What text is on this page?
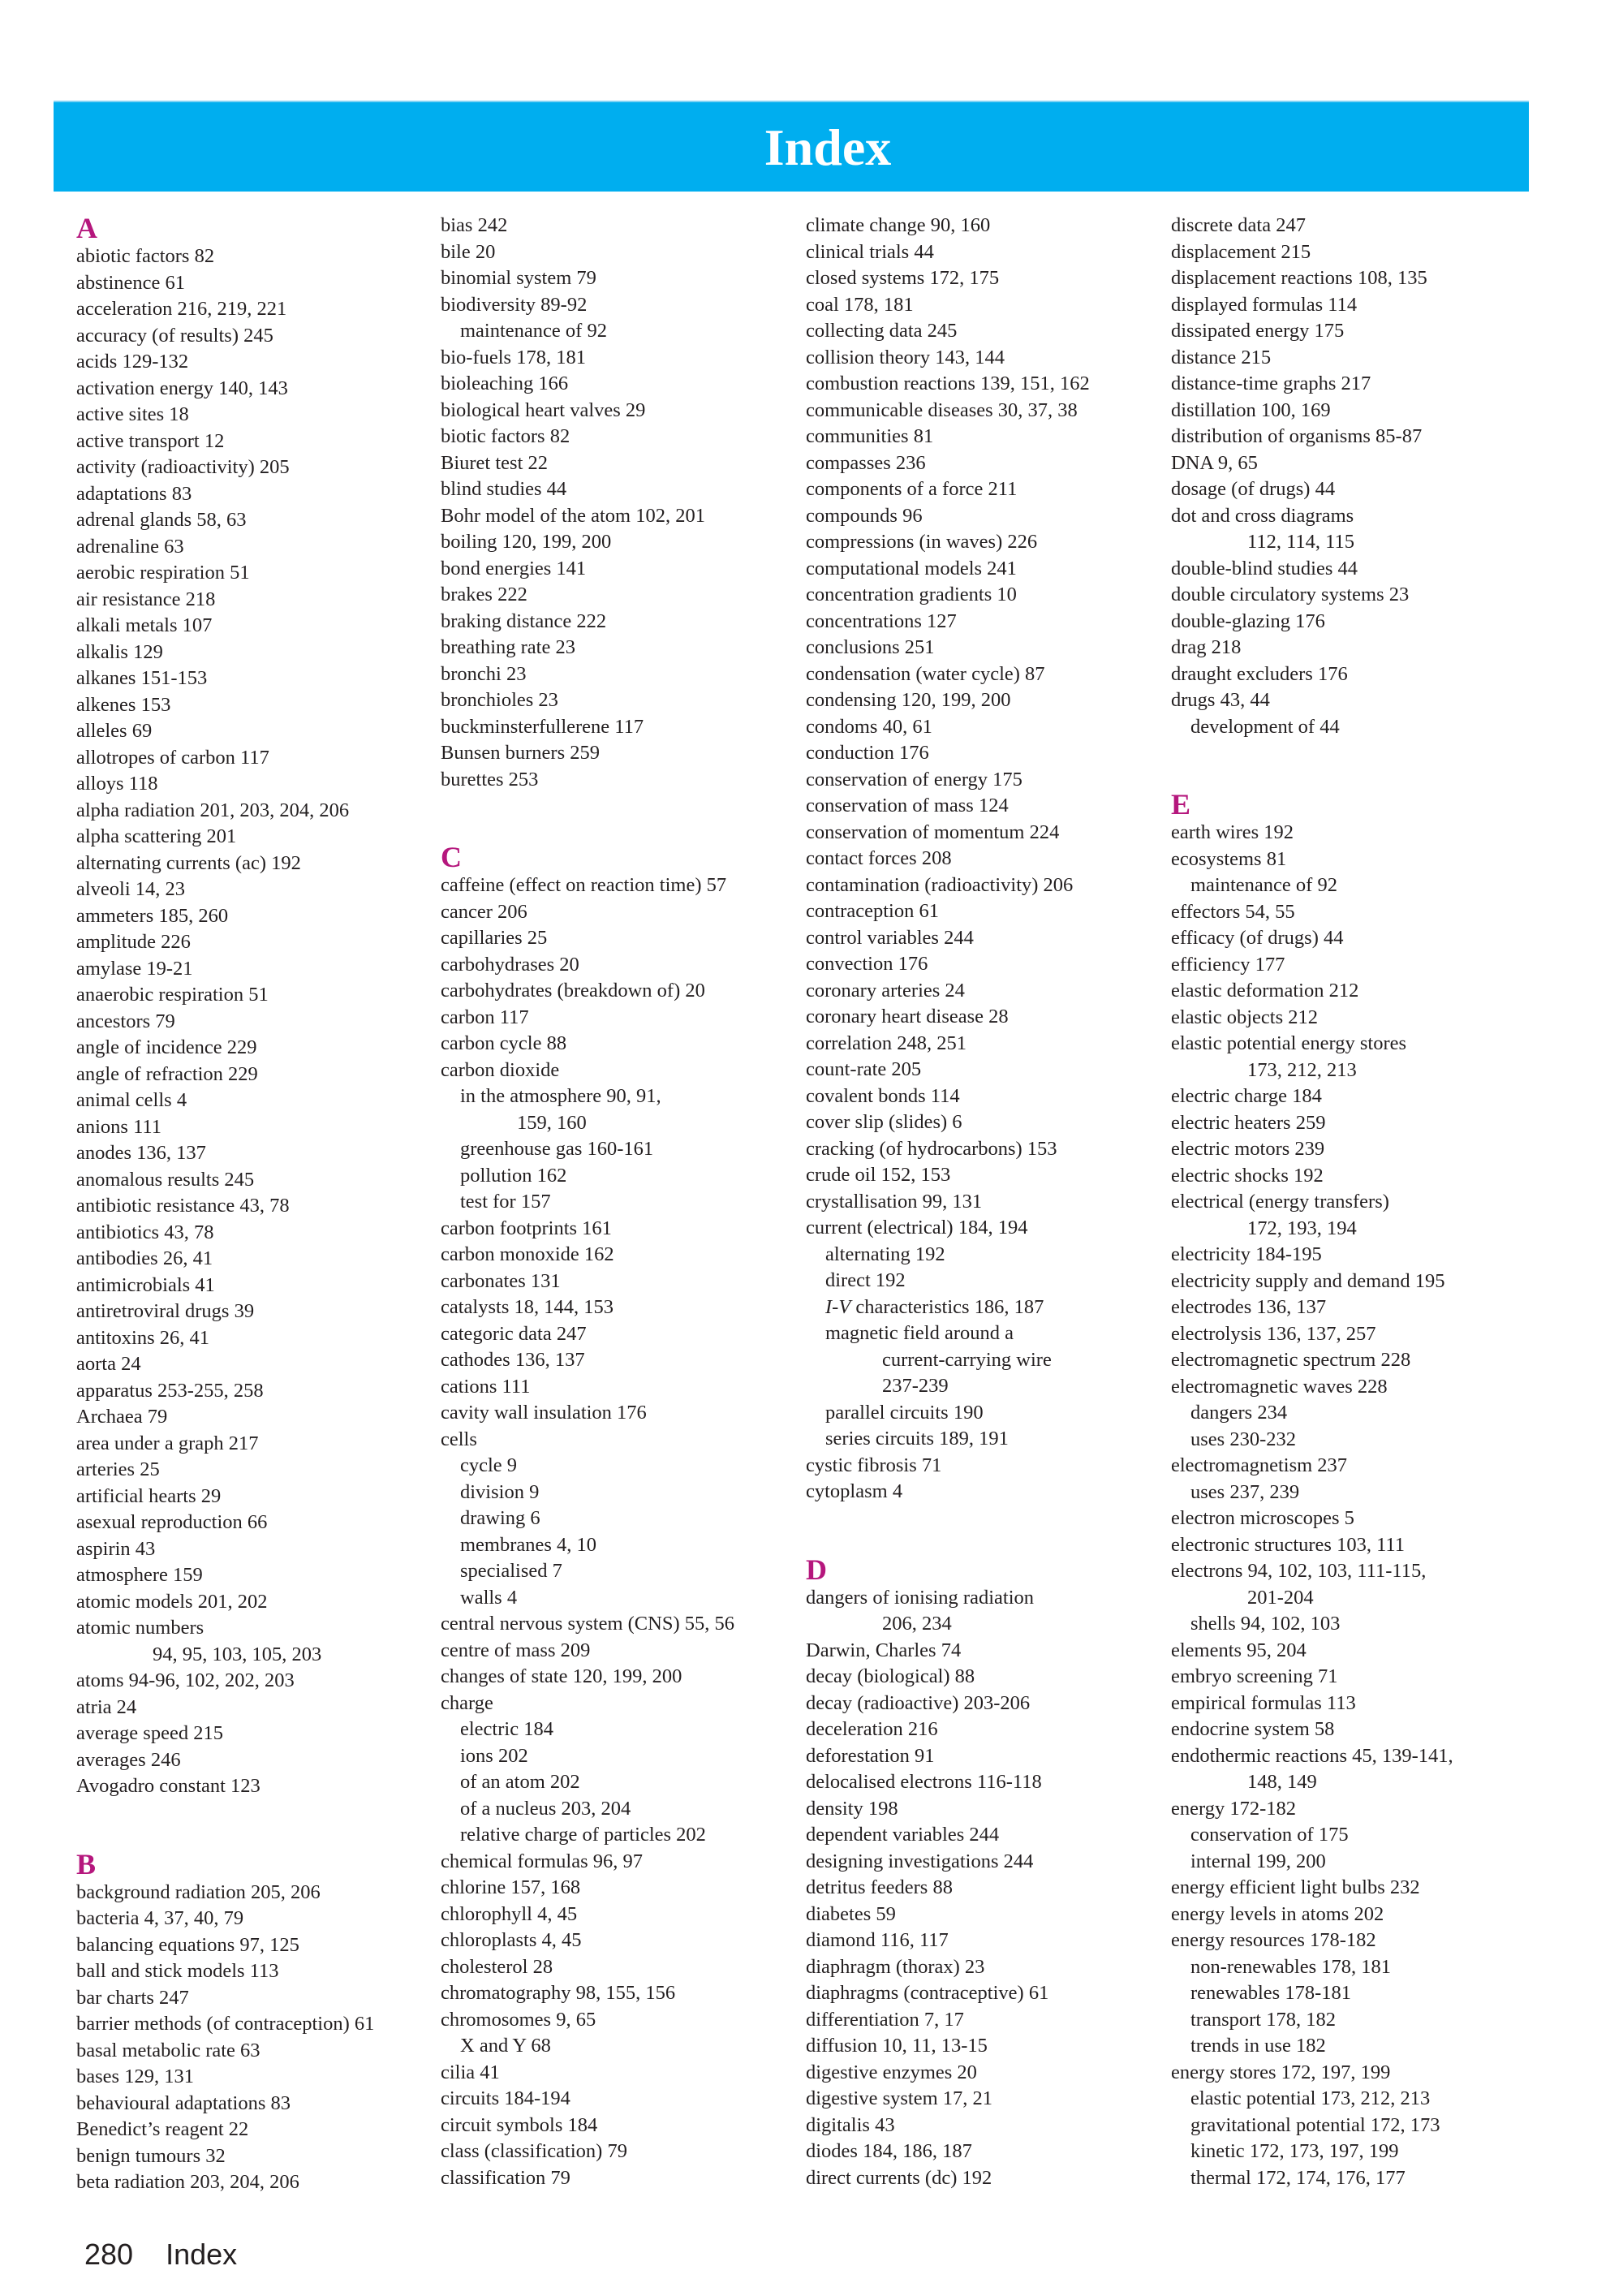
Index
A
abiotic factors 82
abstinence 61
acceleration 216, 219, 221
accuracy (of results) 245
acids 129-132
activation energy 140, 143
active sites 18
active transport 12
activity (radioactivity) 205
adaptations 83
adrenal glands 58, 63
adrenaline 63
aerobic respiration 51
air resistance 218
alkali metals 107
alkalis 129
alkanes 151-153
alkenes 153
alleles 69
allotropes of carbon 117
alloys 118
alpha radiation 201, 203, 204, 206
alpha scattering 201
alternating currents (ac) 192
alveoli 14, 23
ammeters 185, 260
amplitude 226
amylase 19-21
anaerobic respiration 51
ancestors 79
angle of incidence 229
angle of refraction 229
animal cells 4
anions 111
anodes 136, 137
anomalous results 245
antibiotic resistance 43, 78
antibiotics 43, 78
antibodies 26, 41
antimicrobials 41
antiretroviral drugs 39
antitoxins 26, 41
aorta 24
apparatus 253-255, 258
Archaea 79
area under a graph 217
arteries 25
artificial hearts 29
asexual reproduction 66
aspirin 43
atmosphere 159
atomic models 201, 202
atomic numbers
94, 95, 103, 105, 203
atoms 94-96, 102, 202, 203
atria 24
average speed 215
averages 246
Avogadro constant 123
B
background radiation 205, 206
bacteria 4, 37, 40, 79
balancing equations 97, 125
ball and stick models 113
bar charts 247
barrier methods (of contraception) 61
basal metabolic rate 63
bases 129, 131
behavioural adaptations 83
Benedict’s reagent 22
benign tumours 32
beta radiation 203, 204, 206
bias 242
bile 20
binomial system 79
biodiversity 89-92
maintenance of 92
bio-fuels 178, 181
bioleaching 166
biological heart valves 29
biotic factors 82
Biuret test 22
blind studies 44
Bohr model of the atom 102, 201
boiling 120, 199, 200
bond energies 141
brakes 222
braking distance 222
breathing rate 23
bronchi 23
bronchioles 23
buckminsterfullerene 117
Bunsen burners 259
burettes 253
C
caffeine (effect on reaction time) 57
cancer 206
capillaries 25
carbohydrases 20
carbohydrates (breakdown of) 20
carbon 117
carbon cycle 88
carbon dioxide
in the atmosphere 90, 91,
159, 160
greenhouse gas 160-161
pollution 162
test for 157
carbon footprints 161
carbon monoxide 162
carbonates 131
catalysts 18, 144, 153
categoric data 247
cathodes 136, 137
cations 111
cavity wall insulation 176
cells
cycle 9
division 9
drawing 6
membranes 4, 10
specialised 7
walls 4
central nervous system (CNS) 55, 56
centre of mass 209
changes of state 120, 199, 200
charge
electric 184
ions 202
of an atom 202
of a nucleus 203, 204
relative charge of particles 202
chemical formulas 96, 97
chlorine 157, 168
chlorophyll 4, 45
chloroplasts 4, 45
cholesterol 28
chromatography 98, 155, 156
chromosomes 9, 65
X and Y 68
cilia 41
circuits 184-194
circuit symbols 184
class (classification) 79
classification 79
climate change 90, 160
clinical trials 44
closed systems 172, 175
coal 178, 181
collecting data 245
collision theory 143, 144
combustion reactions 139, 151, 162
communicable diseases 30, 37, 38
communities 81
compasses 236
components of a force 211
compounds 96
compressions (in waves) 226
computational models 241
concentration gradients 10
concentrations 127
conclusions 251
condensation (water cycle) 87
condensing 120, 199, 200
condoms 40, 61
conduction 176
conservation of energy 175
conservation of mass 124
conservation of momentum 224
contact forces 208
contamination (radioactivity) 206
contraception 61
control variables 244
convection 176
coronary arteries 24
coronary heart disease 28
correlation 248, 251
count-rate 205
covalent bonds 114
cover slip (slides) 6
cracking (of hydrocarbons) 153
crude oil 152, 153
crystallisation 99, 131
current (electrical) 184, 194
alternating 192
direct 192
I-V characteristics 186, 187
magnetic field around a
current-carrying wire
237-239
parallel circuits 190
series circuits 189, 191
cystic fibrosis 71
cytoplasm 4
D
dangers of ionising radiation
206, 234
Darwin, Charles 74
decay (biological) 88
decay (radioactive) 203-206
deceleration 216
deforestation 91
delocalised electrons 116-118
density 198
dependent variables 244
designing investigations 244
detritus feeders 88
diabetes 59
diamond 116, 117
diaphragm (thorax) 23
diaphragms (contraceptive) 61
differentiation 7, 17
diffusion 10, 11, 13-15
digestive enzymes 20
digestive system 17, 21
digitalis 43
diodes 184, 186, 187
direct currents (dc) 192
discrete data 247
displacement 215
displacement reactions 108, 135
displayed formulas 114
dissipated energy 175
distance 215
distance-time graphs 217
distillation 100, 169
distribution of organisms 85-87
DNA 9, 65
dosage (of drugs) 44
dot and cross diagrams
112, 114, 115
double-blind studies 44
double circulatory systems 23
double-glazing 176
drag 218
draught excluders 176
drugs 43, 44
development of 44
E
earth wires 192
ecosystems 81
maintenance of 92
effectors 54, 55
efficacy (of drugs) 44
efficiency 177
elastic deformation 212
elastic objects 212
elastic potential energy stores
173, 212, 213
electric charge 184
electric heaters 259
electric motors 239
electric shocks 192
electrical (energy transfers)
172, 193, 194
electricity 184-195
electricity supply and demand 195
electrodes 136, 137
electrolysis 136, 137, 257
electromagnetic spectrum 228
electromagnetic waves 228
dangers 234
uses 230-232
electromagnetism 237
uses 237, 239
electron microscopes 5
electronic structures 103, 111
electrons 94, 102, 103, 111-115,
201-204
shells 94, 102, 103
elements 95, 204
embryo screening 71
empirical formulas 113
endocrine system 58
endothermic reactions 45, 139-141,
148, 149
energy 172-182
conservation of 175
internal 199, 200
energy efficient light bulbs 232
energy levels in atoms 202
energy resources 178-182
non-renewables 178, 181
renewables 178-181
transport 178, 182
trends in use 182
energy stores 172, 197, 199
elastic potential 173, 212, 213
gravitational potential 172, 173
kinetic 172, 173, 197, 199
thermal 172, 174, 176, 177
280 Index
